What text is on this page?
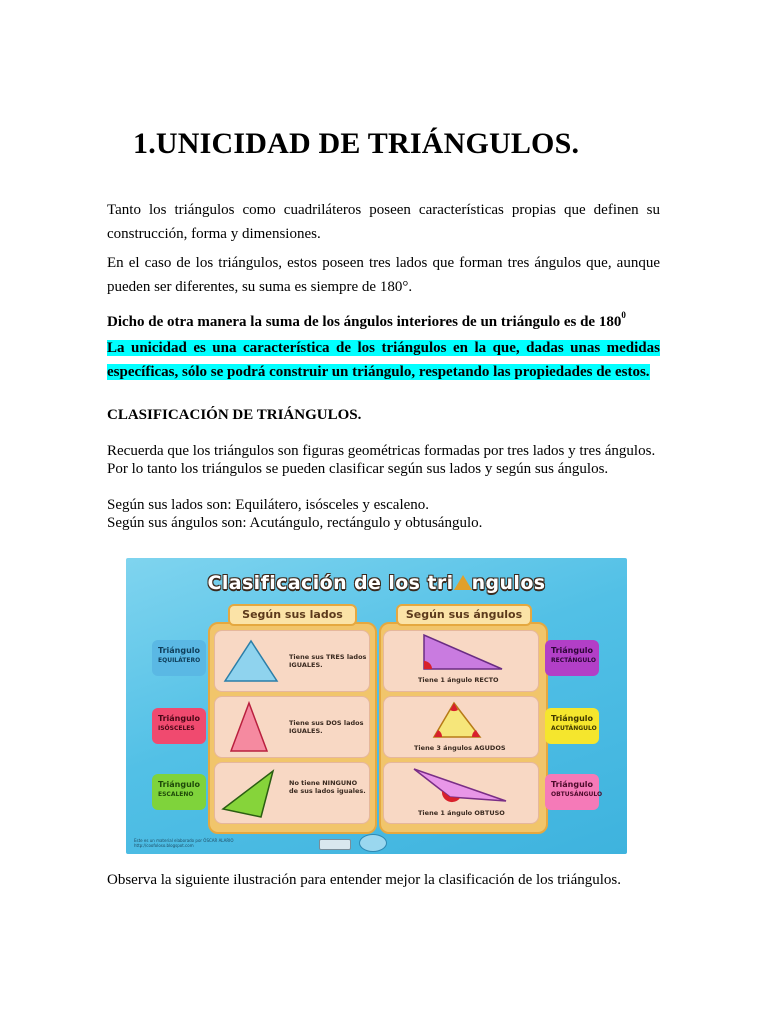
1.UNICIDAD DE TRIÁNGULOS.

Tanto los triángulos como cuadriláteros poseen características propias que definen su construcción, forma y dimensiones.

En el caso de los triángulos, estos poseen tres lados que forman tres ángulos que, aunque pueden ser diferentes, su suma es siempre de 180°.

Dicho de otra manera la suma de los ángulos interiores de un triángulo es de $180^0$

La unicidad es una característica de los triángulos en la que, dadas unas medidas específicas, sólo se podrá construir un triángulo, respetando las propiedades de estos.

CLASIFICACIÓN DE TRIÁNGULOS.

Recuerda que los triángulos son figuras geométricas formadas por tres lados y tres ángulos.

Por lo tanto los triángulos se pueden clasificar según sus lados y según sus ángulos.

Según sus lados son: Equilátero, isósceles y escaleno.

Según sus ángulos son: Acutángulo, rectángulo y obtusángulo.

Clasificación de los tri ngulos
Según sus lados	Según sus ángulos
Tiene sus TRES lados
IGUALES.
Tiene sus DOS lados
IGUALES.
No tiene NINGUNO
de sus lados iguales.
Tiene 1 ángulo RECTO
Tiene 3 ángulos AGUDOS
Tiene 1 ángulo OBTUSO
Triángulo
EQUILÁTERO
Triángulo
ISÓSCELES
Triángulo
ESCALENO
Triángulo
RECTÁNGULO
Triángulo
ACUTÁNGULO
Triángulo
OBTUSÁNGULO
Este es un material elaborado por ÓSCAR ALARIO
http://coofoloso.blogspot.com

Observa la siguiente ilustración para entender mejor la clasificación de los triángulos.
